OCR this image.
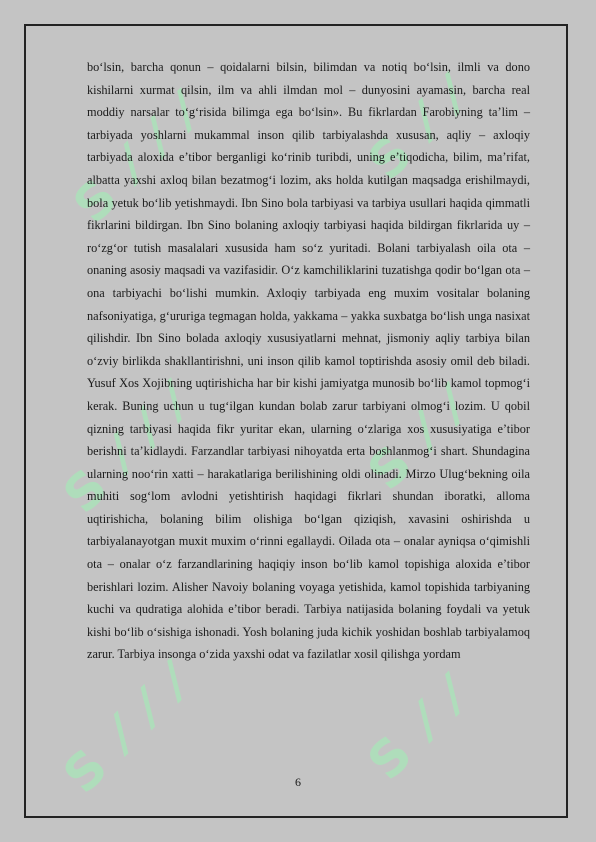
S ⁄ ⁄ ⁄	S ⁄ ⁄
S ⁄ ⁄ ⁄	S ⁄ ⁄
S ⁄ ⁄ ⁄	S ⁄ ⁄
bo‘lsin, barcha qonun – qoidalarni bilsin, bilimdan va notiq bo‘lsin, ilmli va dono kishilarni xurmat qilsin, ilm va ahli ilmdan mol – dunyosini ayamasin, barcha real moddiy narsalar to‘g‘risida bilimga ega bo‘lsin». Bu fikrlardan Farobiyning ta’lim – tarbiyada yoshlarni mukammal inson qilib tarbiyalashda xususan, aqliy – axloqiy tarbiyada aloxida e’tibor berganligi ko‘rinib turibdi, uning e’tiqodicha, bilim, ma’rifat, albatta yaxshi axloq bilan bezatmog‘i lozim, aks holda kutilgan maqsadga erishilmaydi, bola yetuk bo‘lib yetishmaydi. Ibn Sino bola tarbiyasi va tarbiya usullari haqida qimmatli fikrlarini bildirgan. Ibn Sino bolaning axloqiy tarbiyasi haqida bildirgan fikrlarida uy – ro‘zg‘or tutish masalalari xususida ham so‘z yuritadi. Bolani tarbiyalash oila ota – onaning asosiy maqsadi va vazifasidir. O‘z kamchiliklarini tuzatishga qodir bo‘lgan ota – ona tarbiyachi bo‘lishi mumkin. Axloqiy tarbiyada eng muxim vositalar bolaning nafsoniyatiga, g‘ururiga tegmagan holda, yakkama – yakka suxbatga bo‘lish unga nasixat qilishdir. Ibn Sino bolada axloqiy xususiyatlarni mehnat, jismoniy aqliy tarbiya bilan o‘zviy birlikda shakllantirishni, uni inson qilib kamol toptirishda asosiy omil deb biladi. Yusuf Xos Xojibning uqtirishicha har bir kishi jamiyatga munosib bo‘lib kamol topmog‘i kerak. Buning uchun u tug‘ilgan kundan bolab zarur tarbiyani olmog‘i lozim. U qobil qizning tarbiyasi haqida fikr yuritar ekan, ularning o‘zlariga xos xususiyatiga e’tibor berishni ta’kidlaydi. Farzandlar tarbiyasi nihoyatda erta boshlanmog‘i shart. Shundagina ularning noo‘rin xatti – harakatlariga berilishining oldi olinadi. Mirzo Ulug‘bekning oila muhiti sog‘lom avlodni yetishtirish haqidagi fikrlari shundan iboratki, alloma uqtirishicha, bolaning bilim olishiga bo‘lgan qiziqish, xavasini oshirishda u tarbiyalanayotgan muxit muxim o‘rinni egallaydi. Oilada ota – onalar ayniqsa o‘qimishli ota – onalar o‘z farzandlarining haqiqiy inson bo‘lib kamol topishiga aloxida e’tibor berishlari lozim. Alisher Navoiy bolaning voyaga yetishida, kamol topishida tarbiyaning kuchi va qudratiga alohida e’tibor beradi. Tarbiya natijasida bolaning foydali va yetuk kishi bo‘lib o‘sishiga ishonadi. Yosh bolaning juda kichik yoshidan boshlab tarbiyalamoq zarur. Tarbiya insonga o‘zida yaxshi odat va fazilatlar xosil qilishga yordam
6
